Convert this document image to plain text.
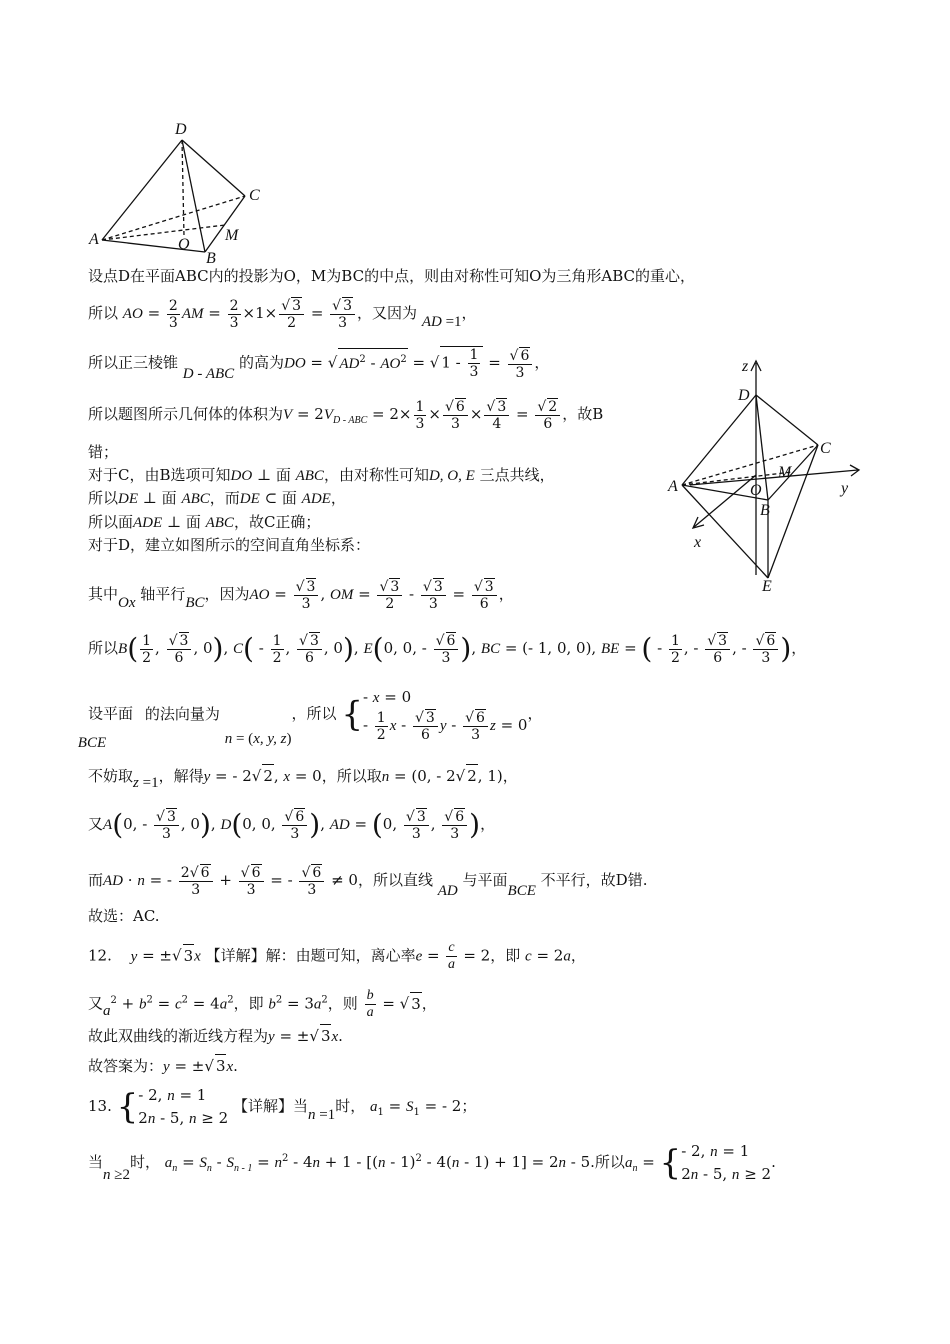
D
C
A	O
M
B
z
D
C
M
A	O	y
B
x
E
设点D在平面ABC内的投影为O，M为BC的中点，则由对称性可知O为三角形ABC的重心，
所以 AO = $\frac{2}{3}$ AM = $\frac{2}{3} \times 1\times \frac{√ 3}{2} = \frac{√ 3}{3}$ ，又因为 AD =1，
所以正三棱锥 D - ABC 的高为DO = √ $AD^2 - AO^2$ = √ $1 - \frac{1}{3} = \frac{√ 6}{3}$ ，
所以题图所示几何体的体积为$V = 2V_{D - ABC} = 2\times \frac{1}{3} \times \frac{√ 6}{3} \times \frac{√ 3}{4} = \frac{√ 2}{6}$ ，故B
错；
对于C，由B选项可知DO ⊥ 面 ABC，由对称性可知D, O, E 三点共线，
所以DE ⊥ 面 ABC，而DE ⊂ 面 ADE，
所以面ADE ⊥ 面 ABC，故C正确；
对于D，建立如图所示的空间直角坐标系：
其中Ox 轴平行BC，因为AO = $\frac{√ 3}{3}$ , OM = $\frac{√ 3}{2} - \frac{√ 3}{3} = \frac{√ 3}{6}$ ，
所以$B( \frac{1}{2}$ , $\frac{√ 3}{6}$ , 0), $C( - \frac{1}{2}$ , $\frac{√ 3}{6}$ , 0), E(0, 0, - $\frac{√ 6}{3}$ ), BC = (- 1, 0, 0), BE = ( - $\frac{1}{2}$ , - $\frac{√ 3}{6}$ , - $\frac{√ 6}{3}$ )，
设平面 BCE 的法向量为 n = (x, y, z)，所以 {- x = 0
- $\frac{1}{2}$ x - $\frac{√ 3}{6}$ y - $\frac{√ 6}{3}$ z = 0，
不妨取z =1，解得y = - 2√ 2, x = 0，所以取n = (0, - 2√ 2, 1)，
又A(0, - $\frac{√ 3}{3}$ , 0), D(0, 0, $\frac{√ 6}{3}$ ), AD = (0, $\frac{√ 3}{3}$ , $\frac{√ 6}{3}$ )，
而AD · n = - $\frac{2√ 6}{3} + \frac{√ 6}{3}$ = - $\frac{√ 6}{3} \ne 0$，所以直线 AD 与平面BCE 不平行，故D错.
故选：AC.
12. y = ±√ 3x 【详解】解：由题可知，离心率$e = \frac{c}{a} = 2$，即 c = 2a，
又$a^2 + b^2 = c^2 = 4a^2$，即 $b^2 = 3a^2$，则 $\frac{b}{a}$ = √ 3，
故此双曲线的渐近线方程为y = ±√ 3x.
故答案为：y = ±√ 3x.
13. {- 2, n = 1
2n - 5, n ≥ 2 【详解】当n =1时， $a_1 = S_1$ = - 2；
当n ≥2时， $a_n = S_n - S_{n - 1} = n^2 - 4n + 1 - [(n - 1)^2 - 4(n - 1) + 1] = 2n - 5$.所以$a_n$ = {- 2, n = 1
2n - 5, n ≥ 2.
